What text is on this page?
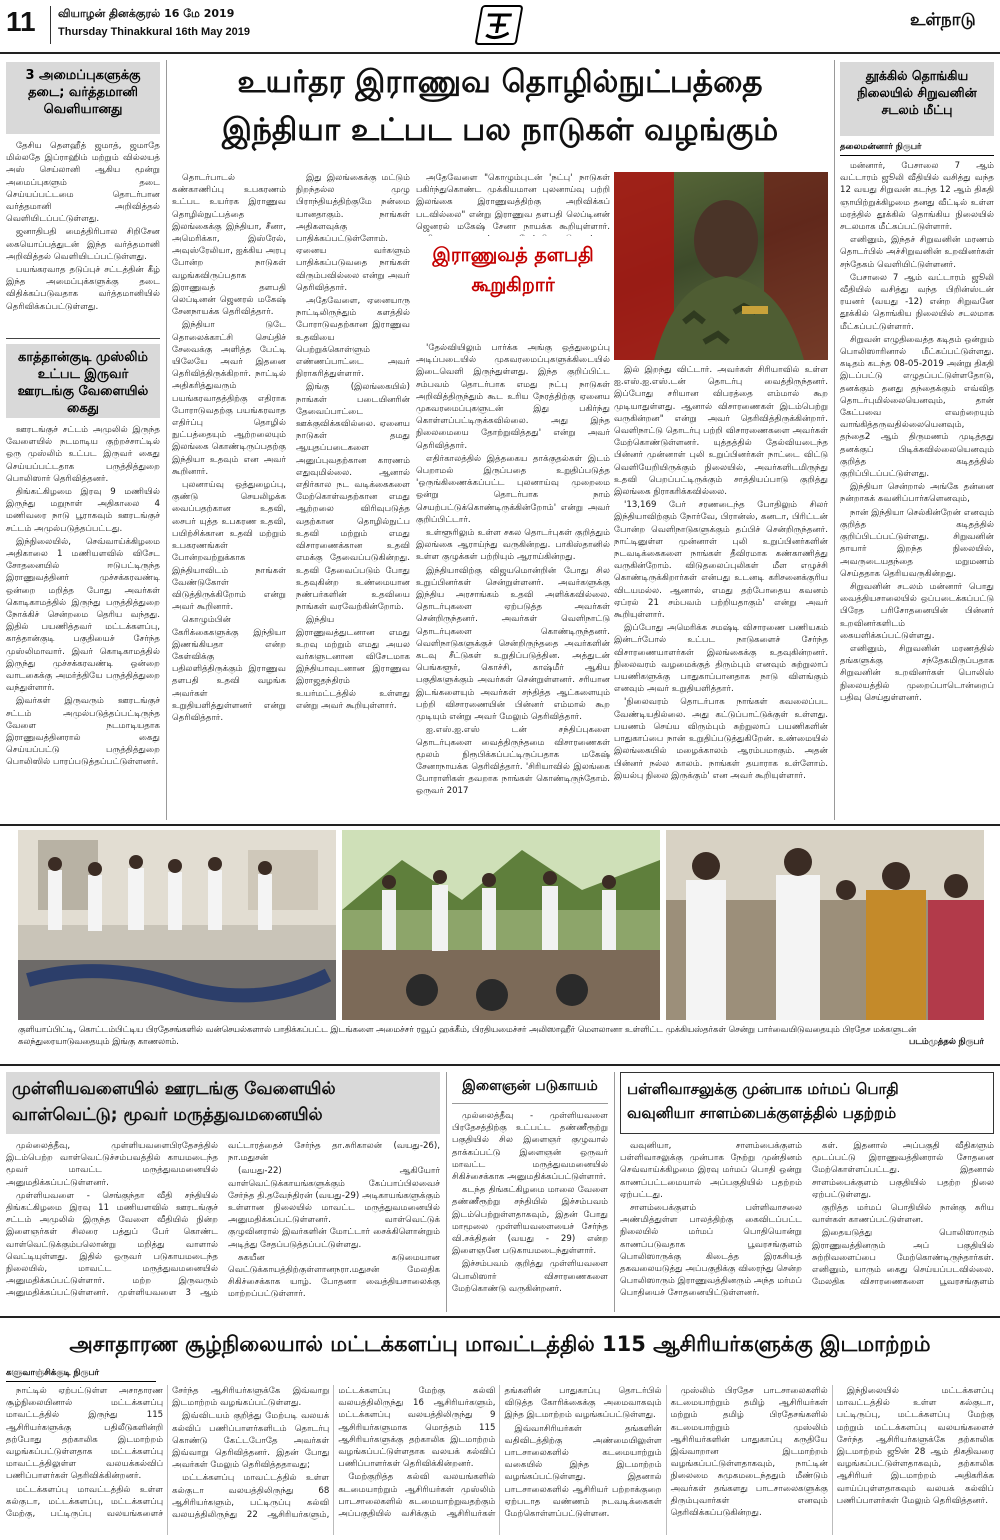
11 வியாழன் தினக்குரல் 16 மே 2019
Thursday Thinakkural 16th May 2019
உள்நாடு
3 அமைப்புகளுக்கு தடை; வர்த்தமானி வெளியானது

தேசிய தௌஹீத் ஜமாத், ஜமாதே மில்லதே இப்ராஹிம் மற்றும் வில்லயத் அஸ் செய்லானி ஆகிய மூன்று அமைப்புகளும் தடை செய்யப்பட்டமை தொடர்பான வர்த்தமானி அறிவித்தல் வெளியிடப்பட்டுள்ளது.

ஜனாதிபதி மைத்திரிபால சிறிசேன கையொப்பத்துடன் இந்த வர்த்தமானி அறிவித்தல் வெளியிடப்பட்டுள்ளது.

பயங்கரவாத தடுப்புச் சட்டத்தின் கீழ் இந்த அமைப்புக்களுக்கு தடை விதிக்கப்படுவதாக வர்த்தமானியில் தெரிவிக்கப்பட்டுள்ளது.

காத்தான்குடி முஸ்லிம் உட்பட இருவர் ஊரடங்கு வேளையில் கைது

ஊரடங்குச் சட்டம் அமுலில் இருந்த வேளையில் நடமாடிய குற்றச்சாட்டில் ஒரு முஸ்லிம் உட்பட இருவர் கைது செய்யப்பட்டதாக பருத்தித்துறை பொலிஸார் தெரிவித்தனர்.

திங்கட்கிழமை இரவு 9 மணியில் இருந்து மறுநாள் அதிகாலை 4 மணிவரை நாடு பூராகவும் ஊரடங்குச் சட்டம் அமுல்படுத்தப்பட்டது.

இந்நிலையில், செவ்வாய்க்கிழமை அதிகாலை 1 மணியளவில் விசேட சோதனையில் ஈடுபட்டிருந்த இராணுவத்தினர் முச்சக்கரவண்டி ஒன்றை மறித்த போது அவர்கள் கொடிகாமத்தில் இருந்து பருத்தித்துறை நோக்கிச் சென்றமை தெரிய வந்தது. இதில் பயணித்தவர் மட்டக்களப்பு, காத்தான்குடி பகுதியைச் சேர்ந்த முஸ்லிமாவார். இவர் கொடிகாமத்தில் இருந்து முச்சக்கரவண்டி ஒன்றை வாடகைக்கு அமர்த்தியே பருத்தித்துறை வந்துள்ளார்.

இவர்கள் இருவரும் ஊரடங்குச் சட்டம் அமுல்படுத்தப்பட்டிருந்த வேளை நடமாடியதாக இராணுவத்தினரால் கைது செய்யப்பட்டு பருத்தித்துறை பொலிஸில் பாரப்படுத்தப்பட்டுள்ளனர்.

உயர்தர இராணுவ தொழில்நுட்பத்தை
இந்தியா உட்பட பல நாடுகள் வழங்கும்

தொடர்பாடல் கண்காணிப்பு உபகரணம் உட்பட உயர்ரக இராணுவ தொழில்நுட்பத்தை இலங்கைக்கு இந்தியா, சீனா, அமெரிக்கா, இஸ்ரேல், அவுஸ்ரேலியா, ஐக்கிய அரபு போன்ற நாடுகள் வழங்கவிருப்பதாக இராணுவத் தளபதி லெப்டினன் ஜெனரல் மகேஷ் சேனநாயக்க தெரிவித்தார்.

இந்தியா டுடே தொலைக்காட்சி செய்திச் சேவைக்கு அளித்த பேட்டி யிலேயே அவர் இதனை தெரிவித்திருக்கிறார். நாட்டில் அதிகரித்துவரும் பயங்கரவாதத்திற்கு எதிராக போராடுவதற்கு பயங்கரவாத எதிர்ப்பு தொழில் நுட்பத்தையும் ஆற்றலையும் இலங்கை கொண்டிருப்பதற்கு இந்தியா உதவும் என அவர் கூறினார்.

புலனாய்வு ஒத்துழைப்பு, குண்டு செயலிழக்க வைப்பதற்கான உதவி, சைபர் யுத்த உபகரண உதவி, பயிற்சிக்கான உதவி மற்றும் உபகரணங்கள் போன்றவற்றுக்காக இந்தியாவிடம் நாங்கள் வேண்டுகோள் விடுத்திருக்கிறோம் என்று அவர் கூறினார்.

கொழும்பின் கேரிக்கைகளுக்கு இந்தியா இணங்கியதா என்ற கேள்விக்கு பதிலளித்திருக்கும் இராணுவ தளபதி உதவி வழங்க அவர்கள் உறுதியளித்துள்ளனர் என்று தெரிவித்தார்.

இது இலங்கைக்கு மட்டும் நிறந்தல்ல முழு பிராந்தியத்திற்குமே நன்மை யானதாகும். நாங்கள் அதிகளவுக்கு பாதிக்கப்பட்டுள்ளோம். ஏனைய வர்களும் பாதிக்கப்படுவதை நாங்கள் விரும்பவில்லை என்று அவர் தெரிவித்தார்.

அதேவேளை, ஏனையாரு நாட்டிலிருந்தும் களத்தில் போராடுவதற்கான இராணுவ உதவியை பெற்றுக்கொள்ளும் எண்ணப்பாட்டை அவர் நிராகரித்துள்ளார்.

இங்கு (இலங்கையில்) நாங்கள் படையினரின் தேவைப்பாட்டை ஊக்குவிக்கவில்லை. ஏனைய நாடுகள் தமது ஆயுதப்படைகளை அனுப்புவதற்கான காரணம் எதுவுமில்லை. ஆனால் எதிர்கால நட வடிக்கைகளை மேற்கொள்வதற்கான எமது ஆற்றலை விரிவுபடுத்த வதற்கான தொழில்நுட்ப உதவி மற்றும் எமது விசாரணைக்கான உதவி எமக்கு தேவைப்படுகின்றது. உதவி தேவைப்படும் போது உதவுகின்ற உண்மையான நண்பர்களின் உதவியை நாங்கள் வரவேற்கின்றோம்.

இந்திய இராணுவத்துடனான எமது உறவு மற்றும் எமது அயல வர்களுடனான விசேடமாக இந்தியாவுடனான இராணுவ இராஜதந்திரம் உயர்மட்டத்தில் உள்ளது என்று அவர் கூறியுள்ளார்.

அதேவேளை "கொழும்புடன் 'நட்பு' நாடுகள் பகிர்ந்துகொண்ட முக்கியமான புலனாய்வு பற்றி இலங்கை இராணுவத்திற்கு அறிவிக்கப் படவில்லை" என்று இராணுவ தளபதி லெப்டினன் ஜெனரல் மகேஷ் சேனா நாயக்க கூறியுள்ளார்.

இராணுவத் தளபதி
கூறுகிறார்

'தேல்வியிலும் பார்க்க அங்கு ஒத்துழைப்பு அடிப்படையில் முகவரமைப்புகளுக்கிடையில் இடைவெளி இருந்துள்ளது. இந்த குறிப்பிட்ட சம்பவம் தொடர்பாக எமது நட்பு நாடுகள் அறிவித்திருந்தும் கூட உரிய நேரத்திற்கு ஏனைய முகவரமைப்புகளுடன் இது பகிர்ந்து கொள்ளப்பட்டிருக்கவில்லை. அது இந்த நிலைமையை தோற்றுவித்தது' என்று அவர் தெரிவித்தார்.

எதிர்காலத்தில் இத்தகைய தாக்குதல்கள் இடம் பெறாமல் இருப்பதை உறுதிப்படுத்த 'ஒருங்கிணைக்கப்பட்ட புலனாய்வு முறைமை ஒன்று தொடர்பாக நாம் செயற்பட்டுக்கொண்டிருக்கின்றோம்' என்று அவர் குறிப்பிட்டார்.

உள்ளூரிலும் உள்ள சகல தொடர்புகள் குறித்தும் இலங்கை ஆராய்ந்து வருகின்றது. பாகிஸ்தானில் உள்ள குழுக்கள் பற்றியும் ஆராய்கின்றது.

இந்தியாவிற்கு விஜயமொன்றின் போது சில உறுப்பினர்கள் சென்றுள்ளனர். அவர்களுக்கு இந்திய அரசாங்கம் உதவி அளிக்கவில்லை. தொடர்புகளை ஏற்படுத்த அவர்கள் சென்றிருந்தனர். அவர்கள் வெளிநாட்டு தொடர்புகளை கொண்டிருந்தனர். வெளிநாடுகளுக்குச் சென்றிருந்ததை அவர்களின் கடவு சீட்டுகள் உறுதிப்படுத்தின. அத்துடன் பெங்களூர், கொச்சி, காஷ்மீர் ஆகிய பகுதிகளுக்கும் அவர்கள் சென்றுள்ளனர். சரியான இடங்களையும் அவர்கள் சந்தித்த ஆட்களையும் பற்றி விசாரணையின் பின்னர் எம்மால் கூற முடியும் என்று அவர் மேலும் தெரிவித்தார்.

ஐ.எஸ்.ஐ.எஸ் டன் சந்திப்புகளை தொடர்புகளை வைத்திருந்தமை விசாரணைகள் மூலம் நிரூபிக்கப்பட்டிருப்பதாக மகேஷ் சேனாநாயக்க தெரிவித்தார். 'சிரியாவில் இலங்கை போராளிகள் தவறாக நாங்கள் கொண்டிருந்தோம். ஒருவர் 2017

இல் இறந்து விட்டார். அவர்கள் சிரியாவில் உள்ள ஐ.எஸ்.ஐ.எஸ்.டன் தொடர்பு வைத்திருந்தனர். இப்போது சரியான விபரத்தை எம்மால் கூற முடியாதுள்ளது. ஆனால் விசாரணைகள் இடம்பெற்று வருகின்றன" என்று அவர் தெரிவித்திருக்கின்றார். வெளிநாட்டு தொடர்பு பற்றி விசாரணைகளை அவர்கள் மேற்கொண்டுள்ளனர். யுத்தத்தில் தேல்வியடைந்த பின்னர் முன்னாள் புலி உறுப்பினர்கள் நாட்டை விட்டு வெளியேறியிருக்கும் நிலையில், அவர்களிடமிருந்து உதவி பெறப்பட்டிருக்கும் சாத்தியப்பாடு குறித்து இலங்கை நிராகரிக்கவில்லை.

'13,169 பேர் சரணடைந்த போதிலும் சிலர் இந்தியாவிற்கும் நோர்வே, பிரான்ஸ், கனடா, பிரிட்டன் போன்ற வெளிநாடுகளுக்கும் தப்பிச் சென்றிருந்தனர். நாட்டினுள்ள முன்னாள் புலி உறுப்பினர்களின் நடவடிக்கைகளை நாங்கள் தீவிரமாக கண்காணித்து வருகின்றோம். விடுதலைப்புலிகள் மீள எழுச்சி கொண்டிருக்கிறார்கள் என்பது உடனடி கரிசனைக்குரிய விடயமல்ல. ஆனால், எமது தற்போதைய கவனம் ஏப்ரல் 21 சம்பவம் பற்றியதாகும்' என்று அவர் கூறியுள்ளார்.

இப்போது அமெரிக்க சமஷ்டி விசாரணை பணியகம் இன்டர்போல் உட்பட நாடுகளைச் சேர்ந்த விசாரணையாளர்கள் இலங்கைக்கு உதவுகின்றனர். நிலைவரம் வழமைக்குத் திரும்பும் எனவும் சுற்றுலாப் பயணிகளுக்கு பாதுகாப்பானதாக நாடு விளங்கும் எனவும் அவர் உறுதியளித்தார்.

'நிலைவரம் தொடர்பாக நாங்கள் கவலைப்பட வேண்டியதில்லை. அது கட்டுப்பாட்டுக்குள் உள்ளது. பயணம் செய்ய விரும்பும் சுற்றுலாப் பயணிகளின் பாதுகாப்பை நான் உறுதிப்படுத்துகிறேன். உண்மையில் இலங்கையில் மழைக்காலம் ஆரம்பமாகும். அதன் பின்னர் நல்ல காலம். நாங்கள் தயாராக உள்ளோம். இயல்பு நிலை இருக்கும்' என அவர் கூறியுள்ளார்.

தூக்கில் தொங்கிய நிலையில் சிறுவனின் சடலம் மீட்பு
தலைமன்னார் நிருபர்

மன்னார், பேசாலை 7 ஆம் வட்டாரம் ஜூலி வீதியில் வசித்து வந்த 12 வயது சிறுவன் கடந்த 12 ஆம் திகதி ஞாயிற்றுக்கிழமை தனது வீட்டில் உள்ள மரத்தில் தூக்கில் தொங்கிய நிலையில் சடலமாக மீட்கப்பட்டுள்ளார்.

எனினும், இந்தச் சிறுவனின் மரணம் தொடர்பில் அச்சிறுவனின் உறவினர்கள் சந்தேகம் வெளியிட்டுள்ளனர்.

பேசாலை 7 ஆம் வட்டாரம் ஜூலி வீதியில் வசித்து வந்த பிறின்ஸ்டன் ரயனர் (வயது -12) என்ற சிறுவனே தூக்கில் தொங்கிய நிலையில் சடலமாக மீட்கப்பட்டுள்ளார்.

சிறுவன் எழுதிவைத்த கடிதம் ஒன்றும் பொலிஸாரினால் மீட்கப்பட்டுள்ளது. கடிதம் கடந்த 08-05-2019 அன்று திகதி இடப்பட்டு எழுதப்பட்டுள்ளதோடு, தனக்கும் தனது தந்தைக்கும் எவ்வித தொடர்புமில்லையெனவும், தான் கேட்பவை எவற்றையும் வாங்கித்தருவதில்லையெனவும், தந்தை2 ஆம் திருமணம் முடித்தது தனக்குப் பிடிக்கவில்லையெனவும் குறித்த கடிதத்தில் குறிப்பிடப்பட்டுள்ளது.

இந்தியா சென்றால் அங்கே தன்னை நன்றாகக் கவனிப்பார்களெனவும்,

நான் இந்தியா செல்கின்றேன் எனவும் குறித்த கடிதத்தில் குறிப்பிடப்பட்டுள்ளது. சிறுவனின் தாயார் இறந்த நிலையில், அவருடையதந்தை மறுமணம் செய்ததாக தெரியவருகின்றது.

சிறுவனின் சடலம் மன்னார் பொது வைத்தியசாலையில் ஒப்படைக்கப்பட்டு பிரேத பரிசோதனையின் பின்னர் உறவினர்களிடம் கையளிக்கப்பட்டுள்ளது.

எனினும், சிறுவனின் மரணத்தில் தங்களுக்கு சந்தேகமிருப்பதாக சிறுவனின் உறவினர்கள் பொலிஸ் நிலையத்தில் முறைப்பாடொன்றைப் பதிவு செய்துள்ளனர்.

குளியாப்பிட்டி, கொட்டம்பிட்டிய பிரதேசங்களில் வன்செயல்களால் பாதிக்கப்பட்ட இடங்களை அமைச்சர் ரவூப் ஹக்கீம், பிரதியமைச்சர் அலிஸாஹீர் மௌலானா உள்ளிட்ட முக்கியஸ்தர்கள் சென்று பார்வையிடுவதையும் பிரதேச மக்களுடன் கலந்துரையாடுவதையும் இங்கு காணலாம்.	படம்முத்தல் நிருபர்
முள்ளியவளையில் ஊரடங்கு வேளையில்
வாள்வெட்டு; மூவர் மருத்துவமனையில்

முல்லைத்தீவு, முள்ளியவளைபிரதேசத்தில் இடம்பெற்ற வாள்வெட்டுச்சம்பவத்தில் காயமடைந்த மூவர் மாவட்ட மருத்துவமனையில் அனுமதிக்கப்பட்டுள்ளனர்.

முள்ளியவளை - செங்குந்தா வீதி சந்தியில் திங்கட்கிழமை இரவு 11 மணியளவில் ஊரடங்குச் சட்டம் அமுலில் இருந்த வேளை வீதியில் நின்ற இளைஞர்கள் சிலரை பத்துப் பேர் கொண்ட வாள்வெட்டுக்கும்பலொன்று மறித்து வாளால் வெட்டியுள்ளது. இதில் ஒருவர் படுகாயமடைந்த நிலையில், மாவட்ட மருத்துவமனையில் அனுமதிக்கப்பட்டுள்ளார். மற்ற இருவரும் அனுமதிக்கப்பட்டுள்ளனர். முள்ளியவளை 3 ஆம் வட்டாரத்தைச் சேர்ந்த தா.சுரிகாலன் (வயது-26), நா.மதுசன்

(வயது-22) ஆகியோர் வாள்வெட்டுக்காயங்களுக்கும் கேப்பாப்பிலவைச் சேர்ந்த தி.தவேந்திரன் (வயது-29) அடிகாயங்களுக்கும் உள்ளான நிலையில் மாவட்ட மருத்துவமனையில் அனுமதிக்கப்பட்டுள்ளனர். வாள்வெட்டுக் குழுவினரால் இவர்களின் மோட்டார் சைக்கிளொன்றும் அடித்து சேதப்படுத்தப்பட்டுள்ளது.

சுகயீன கடுமையான வெட்டுக்காயத்திற்குள்ளானநரா.மதுசன் மேலதிக சிகிச்சைக்காக யாழ். போதனா வைத்தியசாலைக்கு மாற்றப்பட்டுள்ளார்.

இளைஞன் படுகாயம்

முல்லைத்தீவு - முள்ளியவளை பிரதேசத்திற்கு உட்பட்ட தண்ணீரூற்று பகுதியில் சில இளைஞர் குழுவால் தாக்கப்பட்டு இளைஞன் ஒருவர் மாவட்ட மருத்துவமனையில் சிகிச்சைக்காக அனுமதிக்கப்பட்டுள்ளார்.

கடந்த திங்கட்கிழமை மாலை வேளை தண்ணீரூற்று சந்தியில் இச்சம்பவம் இடம்பெற்றுள்ளதாகவும், இதன் போது மாமூலை முள்ளியவளையைச் சேர்ந்த வி.சக்திதன் (வயது - 29) என்ற இளைஞனே படுகாயமடைந்துள்ளார்.

இச்சம்பவம் குறித்து முள்ளியவளை பொலிஸார் விசாரணைகளை மேற்கொண்டு வருகின்றனர்.

பள்ளிவாசலுக்கு முன்பாக மர்மப் பொதி
வவுனியா சாளம்பைக்குளத்தில் பதற்றம்

வவுனியா, சாளம்பைக்குளம் பள்ளிவாசலுக்கு முன்பாக நேற்று முன்தினம் செவ்வாய்க்கிழமை இரவு மர்மப் பொதி ஒன்று காணப்பட்டமையால் அப்பகுதியில் பதற்றம் ஏற்பட்டது.

சாளம்பைக்குளம் பள்ளிவாசலை அண்மித்துள்ள பாலத்திற்கு கைவிடப்பட்ட நிலையில் மர்மப் பொதியொன்று காணப்படுவதாக பூவரசங்குளம் பொலிஸாருக்கு கிடைத்த இரகசியத் தகவலையடுத்து அப்பகுதிக்கு விரைந்து சென்ற பொலிஸாரும் இராணுவத்தினரும் அந்த மர்மப் பொதியைச் சோதனையிட்டுள்ளனர்.

கள். இதனால் அப்பகுதி வீதிகளும் மூடப்பட்டு இராணுவத்தினரால் சோதனை மேற்கொள்ளப்பட்டது. இதனால் சாளம்பைக்குளம் பகுதியில் பதற்ற நிலை ஏற்பட்டுள்ளது.

குறித்த மர்மப் பொதியில் நான்கு சுரிய வாள்கள் காணப்பட்டுள்ளன.

இதையடுத்து பொலிஸாரும் இராணுவத்தினரும் அப் பகுதியில் சுற்றிவளைப்பை மேற்கொண்டிருந்தார்கள். எனினும், யாரும் கைது செய்யப்படவில்லை. மேலதிக விசாரணைகளை பூவரசங்குளம்

அசாதாரண சூழ்நிலையால் மட்டக்களப்பு மாவட்டத்தில் 115 ஆசிரியர்களுக்கு இடமாற்றம்
களுவாஞ்சிக்குடி நிருபர்

நாட்டில் ஏற்பட்டுள்ள அசாதாரண சூழ்நிலையினால் மட்டக்களப்பு மாவட்டத்தில் இருந்து 115 ஆசிரியர்களுக்கு பதிலீடுகளின்றி தற்போது தற்காலிக இடமாற்றம் வழங்கப்பட்டுள்ளதாக மட்டக்களப்பு மாவட்டத்திலுள்ள வலயக்கல்விப் பணிப்பாளர்கள் தெரிவிக்கின்றனர்.

மட்டக்களப்பு மாவட்டத்தில் உள்ள கல்குடா, மட்டக்களப்பு, மட்டக்களப்பு மேற்கு, பட்டிருப்பு வலயங்களைச் சேர்ந்த ஆசிரியர்களுக்கே இவ்வாறு இடமாற்றம் வழங்கப்பட்டுள்ளது.

இவ்விடயம் குறித்து மேற்படி வலயக் கல்விப் பணிப்பாளர்களிடம் தொடர்பு கொண்டு கேட்டபோதே அவர்கள் இவ்வாறு தெரிவித்தனர். இதன் போது அவர்கள் மேலும் தெரிவித்ததாவது;

மட்டக்களப்பு மாவட்டத்தில் உள்ள கல்குடா வலயத்திலிருந்து 68 ஆசிரியர்களும், பட்டிருப்பு கல்வி வலயத்திலிருந்து 22 ஆசிரியர்களும், மட்டக்களப்பு மேற்கு கல்வி வலயத்திலிருந்து 16 ஆசிரியர்களும், மட்டக்களப்பு வலயத்திலிருந்து 9 ஆசிரியர்களுமாக மொத்தம் 115 ஆசிரியர்களுக்கு தற்காலிக இடமாற்றம் வழங்கப்பட்டுள்ளதாக வலயக் கல்விப் பணிப்பாளர்கள் தெரிவிக்கின்றனர்.

மேற்குறித்த கல்வி வலயங்களில் கடமையாற்றும் ஆசிரியர்கள் முஸ்லிம் பாடசாலைகளில் கடமையாற்றுவதற்கும் அப்பகுதியில் வசிக்கும் ஆசிரியர்கள் தங்களின் பாதுகாப்பு தொடர்பில் விடுத்த கோரிக்கைக்கு அமைவாகவும் இந்த இடமாற்றம் வழங்கப்பட்டுள்ளது.

இவ்வாசிரியர்கள் தங்களின் வதிவிடத்திற்கு அண்மையிலுள்ள பாடசாலைகளில் கடமையாற்றும் வகையில் இந்த இடமாற்றம் வழங்கப்பட்டுள்ளது. இதனால் பாடசாலைகளில் ஆசிரியர் பற்றாக்குறை ஏற்படாத வண்ணம் நடவடிக்கைகள் மேற்கொள்ளப்பட்டுள்ளன.

முஸ்லிம் பிரதேச பாடசாலைகளில் கடமையாற்றும் தமிழ் ஆசிரியர்கள் மற்றும் தமிழ் பிரதேசங்களில் கடமையாற்றும் முஸ்லிம் ஆசிரியர்களின் பாதுகாப்பு கருதியே இவ்வாறான இடமாற்றம் வழங்கப்பட்டுள்ளதாகவும், நாட்டின் நிலைமை சுமுகமடைந்ததும் மீண்டும் அவர்கள் தங்களது பாடசாலைகளுக்கு திரும்புவார்கள் எனவும் தெரிவிக்கப்படுகின்றது.

இந்நிலையில் மட்டக்களப்பு மாவட்டத்தில் உள்ள கல்குடா, பட்டிருப்பு, மட்டக்களப்பு மேற்கு மற்றும் மட்டக்களப்பு வலயங்களைச் சேர்ந்த ஆசிரியர்களுக்கே தற்காலிக இடமாற்றம் ஜூன் 28 ஆம் திகதிவரை வழங்கப்பட்டுள்ளதாகவும், தற்காலிக ஆசிரியர் இடமாற்றம் அதிகரிக்க வாய்ப்புள்ளதாகவும் வலயக் கல்விப் பணிப்பாளர்கள் மேலும் தெரிவித்தனர்.
